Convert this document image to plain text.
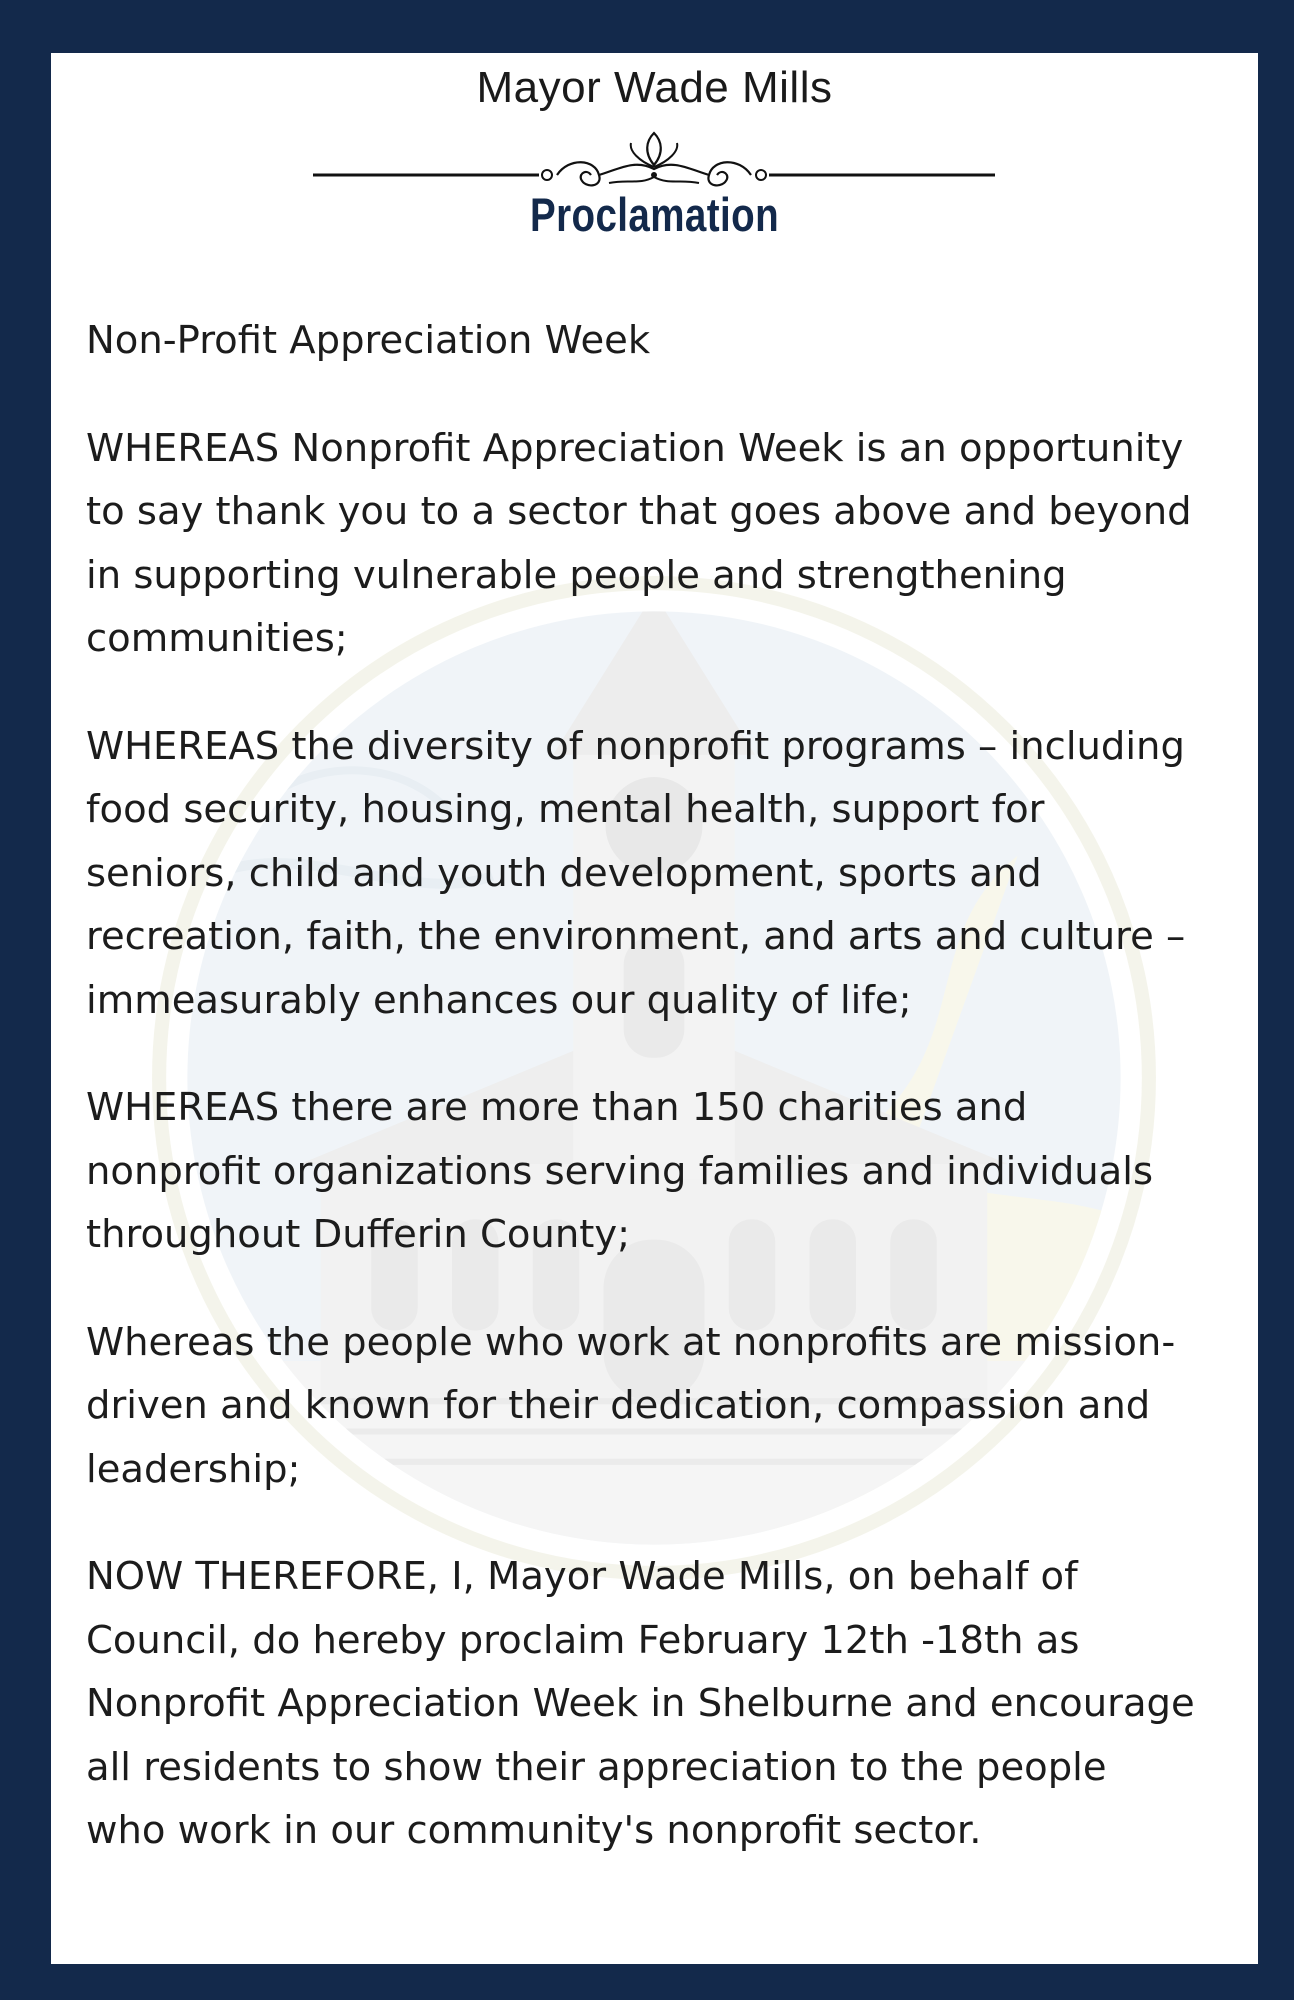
Mayor Wade Mills
Proclamation

Non-Profit Appreciation Week

WHEREAS Nonprofit Appreciation Week is an opportunity to say thank you to a sector that goes above and beyond in supporting vulnerable people and strengthening communities;

WHEREAS the diversity of nonprofit programs – including food security, housing, mental health, support for seniors, child and youth development, sports and recreation, faith, the environment, and arts and culture – immeasurably enhances our quality of life;

WHEREAS there are more than 150 charities and nonprofit organizations serving families and individuals throughout Dufferin County;

Whereas the people who work at nonprofits are mission-driven and known for their dedication, compassion and leadership;

NOW THEREFORE, I, Mayor Wade Mills, on behalf of Council, do hereby proclaim February 12th -18th as Nonprofit Appreciation Week in Shelburne and encourage all residents to show their appreciation to the people who work in our community's nonprofit sector.
